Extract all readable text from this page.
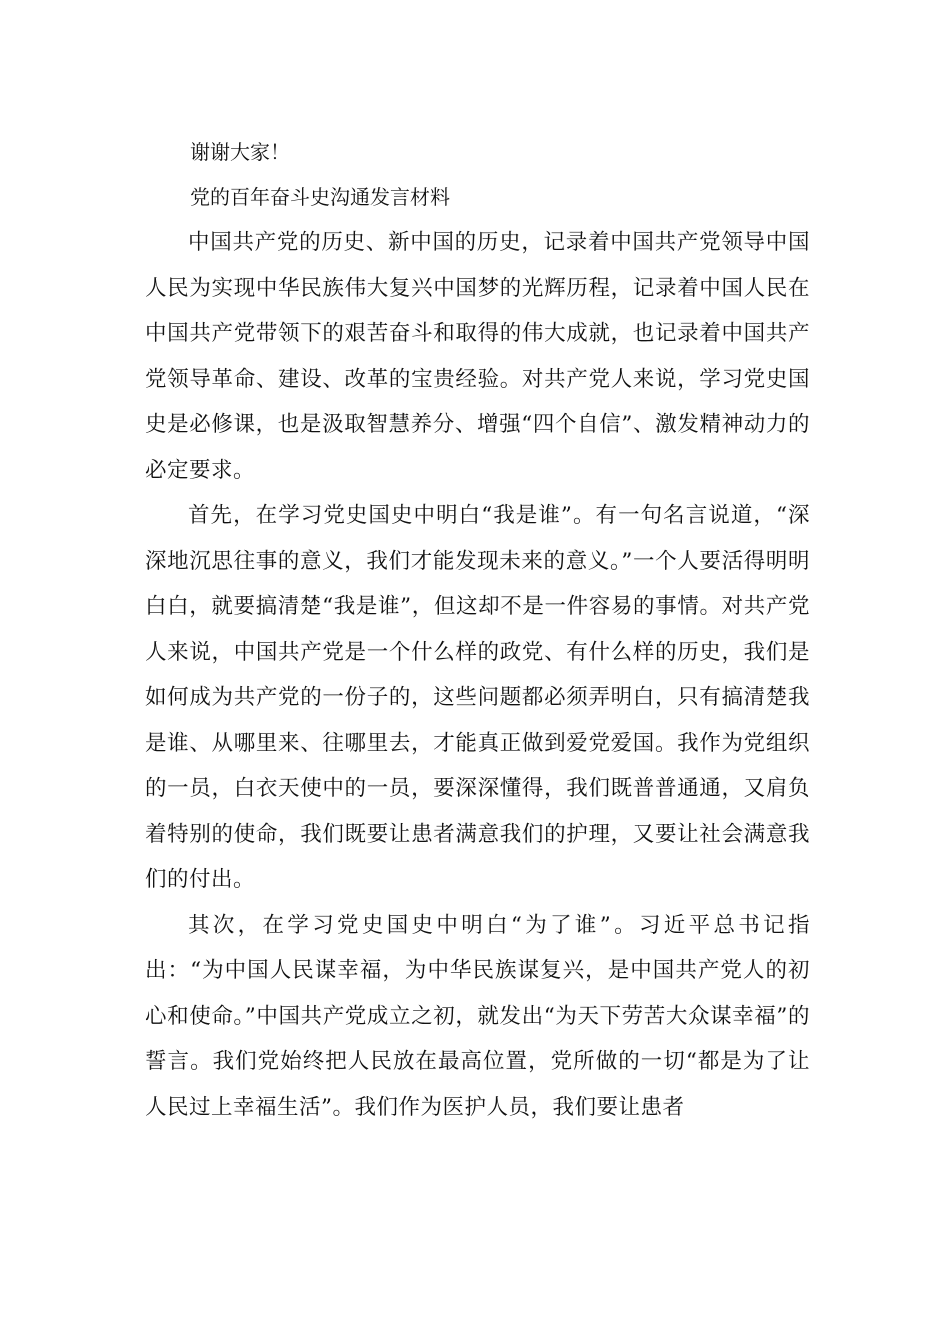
谢谢大家！

党的百年奋斗史沟通发言材料

中国共产党的历史、新中国的历史，记录着中国共产党领导中国人民为实现中华民族伟大复兴中国梦的光辉历程，记录着中国人民在中国共产党带领下的艰苦奋斗和取得的伟大成就，也记录着中国共产党领导革命、建设、改革的宝贵经验。对共产党人来说，学习党史国史是必修课，也是汲取智慧养分、增强“四个自信”、激发精神动力的必定要求。

首先，在学习党史国史中明白“我是谁”。有一句名言说道，“深深地沉思往事的意义，我们才能发现未来的意义。”一个人要活得明明白白，就要搞清楚“我是谁”，但这却不是一件容易的事情。对共产党人来说，中国共产党是一个什么样的政党、有什么样的历史，我们是如何成为共产党的一份子的，这些问题都必须弄明白，只有搞清楚我是谁、从哪里来、往哪里去，才能真正做到爱党爱国。我作为党组织的一员，白衣天使中的一员，要深深懂得，我们既普普通通，又肩负着特别的使命，我们既要让患者满意我们的护理，又要让社会满意我们的付出。

其次，在学习党史国史中明白“为了谁”。习近平总书记指出：“为中国人民谋幸福，为中华民族谋复兴，是中国共产党人的初心和使命。”中国共产党成立之初，就发出“为天下劳苦大众谋幸福”的誓言。我们党始终把人民放在最高位置，党所做的一切“都是为了让人民过上幸福生活”。我们作为医护人员，我们要让患者
